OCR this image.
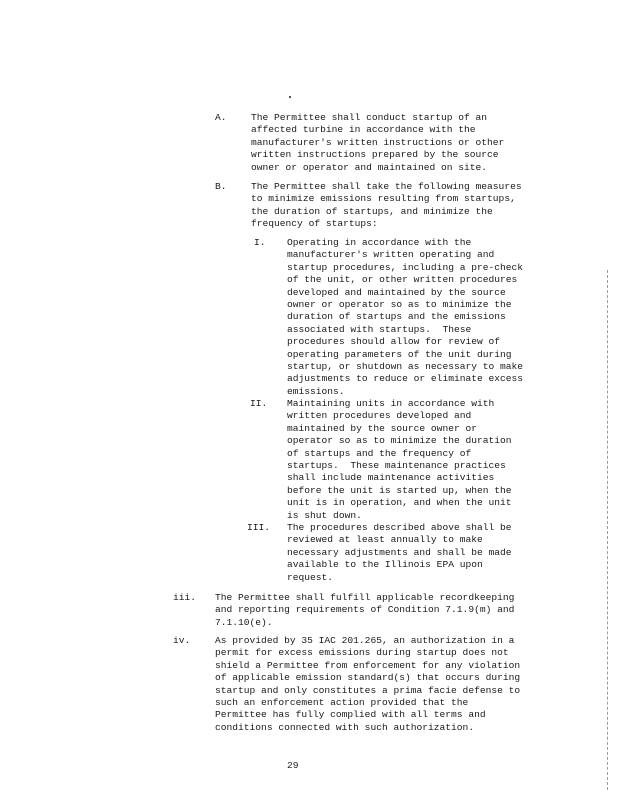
A.	The Permittee shall conduct startup of an
affected turbine in accordance with the
manufacturer's written instructions or other
written instructions prepared by the source
owner or operator and maintained on site.
B.	The Permittee shall take the following measures
to minimize emissions resulting from startups,
the duration of startups, and minimize the
frequency of startups:
I. Operating in accordance with the
manufacturer's written operating and
startup procedures, including a pre-check
of the unit, or other written procedures
developed and maintained by the source
owner or operator so as to minimize the
duration of startups and the emissions
associated with startups.  These
procedures should allow for review of
operating parameters of the unit during
startup, or shutdown as necessary to make
adjustments to reduce or eliminate excess
emissions.
II. Maintaining units in accordance with
written procedures developed and
maintained by the source owner or
operator so as to minimize the duration
of startups and the frequency of
startups.  These maintenance practices
shall include maintenance activities
before the unit is started up, when the
unit is in operation, and when the unit
is shut down.
III. The procedures described above shall be
reviewed at least annually to make
necessary adjustments and shall be made
available to the Illinois EPA upon
request.
iii. The Permittee shall fulfill applicable recordkeeping
and reporting requirements of Condition 7.1.9(m) and
7.1.10(e).
iv.	As provided by 35 IAC 201.265, an authorization in a
permit for excess emissions during startup does not
shield a Permittee from enforcement for any violation
of applicable emission standard(s) that occurs during
startup and only constitutes a prima facie defense to
such an enforcement action provided that the
Permittee has fully complied with all terms and
conditions connected with such authorization.
29
